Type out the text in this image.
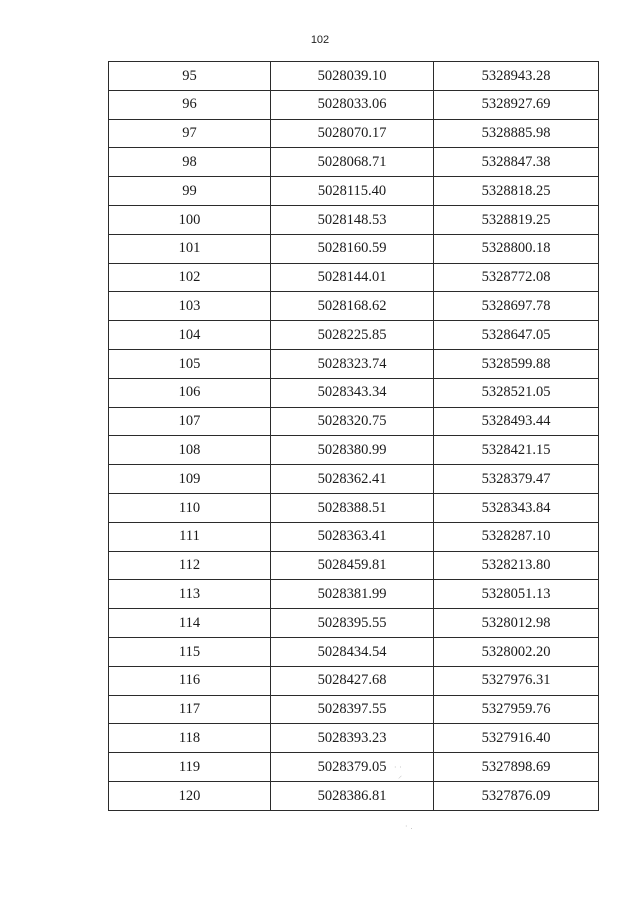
102
95	5028039.10	5328943.28
96	5028033.06	5328927.69
97	5028070.17	5328885.98
98	5028068.71	5328847.38
99	5028115.40	5328818.25
100	5028148.53	5328819.25
101	5028160.59	5328800.18
102	5028144.01	5328772.08
103	5028168.62	5328697.78
104	5028225.85	5328647.05
105	5028323.74	5328599.88
106	5028343.34	5328521.05
107	5028320.75	5328493.44
108	5028380.99	5328421.15
109	5028362.41	5328379.47
110	5028388.51	5328343.84
111	5028363.41	5328287.10
112	5028459.81	5328213.80
113	5028381.99	5328051.13
114	5028395.55	5328012.98
115	5028434.54	5328002.20
116	5028427.68	5327976.31
117	5028397.55	5327959.76
118	5028393.23	5327916.40
119	5028379.05	5327898.69
120	5028386.81	5327876.09
· ·
⸝
· .
